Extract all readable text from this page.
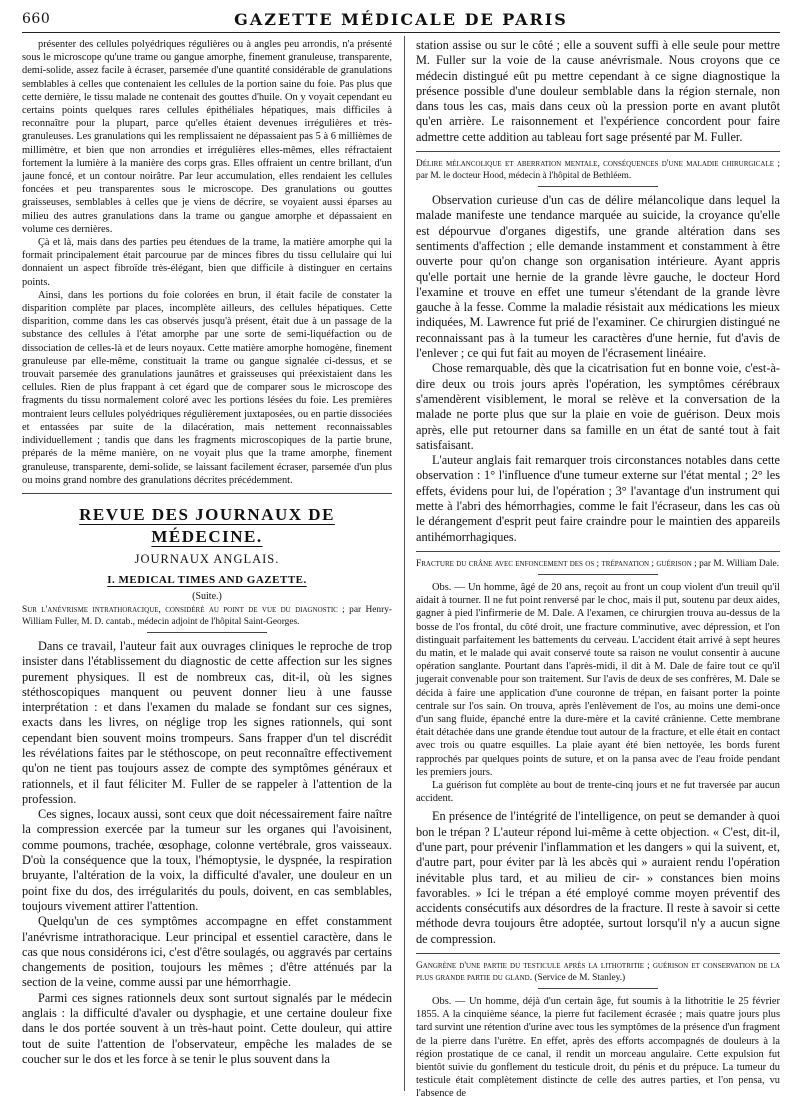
660	GAZETTE MÉDICALE DE PARIS

présenter des cellules polyédriques régulières ou à angles peu arrondis, n'a présenté sous le microscope qu'une trame ou gangue amorphe, finement granuleuse, transparente, demi-solide, assez facile à écraser, parsemée d'une quantité considérable de granulations semblables à celles que contenaient les cellules de la portion saine du foie. Pas plus que cette dernière, le tissu malade ne contenait des gouttes d'huile. On y voyait cependant eu certains points quelques rares cellules épithéliales hépatiques, mais difficiles à reconnaître pour la plupart, parce qu'elles étaient devenues irrégulières et très-granuleuses. Les granulations qui les remplissaient ne dépassaient pas 5 à 6 millièmes de millimètre, et bien que non arrondies et irrégulières elles-mêmes, elles réfractaient fortement la lumière à la manière des corps gras. Elles offraient un centre brillant, d'un jaune foncé, et un contour noirâtre. Par leur accumulation, elles rendaient les cellules foncées et peu transparentes sous le microscope. Des granulations ou gouttes graisseuses, semblables à celles que je viens de décrire, se voyaient aussi éparses au milieu des autres granulations dans la trame ou gangue amorphe et dépassaient en volume ces dernières.

Çà et là, mais dans des parties peu étendues de la trame, la matière amorphe qui la formait principalement était parcourue par de minces fibres du tissu cellulaire qui lui donnaient un aspect fibroïde très-élégant, bien que difficile à distinguer en certains points.

Ainsi, dans les portions du foie colorées en brun, il était facile de constater la disparition complète par places, incomplète ailleurs, des cellules hépatiques. Cette disparition, comme dans les cas observés jusqu'à présent, était due à un passage de la substance des cellules à l'état amorphe par une sorte de semi-liquéfaction ou de dissociation de celles-là et de leurs noyaux. Cette matière amorphe homogène, finement granuleuse par elle-même, constituait la trame ou gangue signalée ci-dessus, et se trouvait parsemée des granulations jaunâtres et graisseuses qui préexistaient dans les cellules. Rien de plus frappant à cet égard que de comparer sous le microscope des fragments du tissu normalement coloré avec les portions lésées du foie. Les premières montraient leurs cellules polyédriques régulièrement juxtaposées, ou en partie dissociées et entassées par suite de la dilacération, mais nettement reconnaissables individuellement ; tandis que dans les fragments microscopiques de la partie brune, préparés de la même manière, on ne voyait plus que la trame amorphe, finement granuleuse, transparente, demi-solide, se laissant facilement écraser, parsemée d'un plus ou moins grand nombre des granulations décrites précédemment.

REVUE DES JOURNAUX DE MÉDECINE.
JOURNAUX ANGLAIS.
I. MEDICAL TIMES AND GAZETTE.
(Suite.)

Sur l'anévrisme intrathoracique, considéré au point de vue du diagnostic ; par Henry-William Fuller, M. D. cantab., médecin adjoint de l'hôpital Saint-Georges.

Dans ce travail, l'auteur fait aux ouvrages cliniques le reproche de trop insister dans l'établissement du diagnostic de cette affection sur les signes purement physiques. Il est de nombreux cas, dit-il, où les signes stéthoscopiques manquent ou peuvent donner lieu à une fausse interprétation : et dans l'examen du malade se fondant sur ces signes, exacts dans les livres, on néglige trop les signes rationnels, qui sont cependant bien souvent moins trompeurs. Sans frapper d'un tel discrédit les révélations faites par le stéthoscope, on peut reconnaître effectivement qu'on ne tient pas toujours assez de compte des symptômes généraux et rationnels, et il faut féliciter M. Fuller de se rappeler à l'attention de la profession.

Ces signes, locaux aussi, sont ceux que doit nécessairement faire naître la compression exercée par la tumeur sur les organes qui l'avoisinent, comme poumons, trachée, œsophage, colonne vertébrale, gros vaisseaux. D'où la conséquence que la toux, l'hémoptysie, le dyspnée, la respiration bruyante, l'altération de la voix, la difficulté d'avaler, une douleur en un point fixe du dos, des irrégularités du pouls, doivent, en cas semblables, toujours vivement attirer l'attention.

Quelqu'un de ces symptômes accompagne en effet constamment l'anévrisme intrathoracique. Leur principal et essentiel caractère, dans le cas que nous considérons ici, c'est d'être soulagés, ou aggravés par certains changements de position, toujours les mêmes ; d'être atténués par la section de la veine, comme aussi par une hémorrhagie.

Parmi ces signes rationnels deux sont surtout signalés par le médecin anglais : la difficulté d'avaler ou dysphagie, et une certaine douleur fixe dans le dos portée souvent à un très-haut point. Cette douleur, qui attire tout de suite l'attention de l'observateur, empêche les malades de se coucher sur le dos et les force à se tenir le plus souvent dans la

station assise ou sur le côté ; elle a souvent suffi à elle seule pour mettre M. Fuller sur la voie de la cause anévrismale. Nous croyons que ce médecin distingué eût pu mettre cependant à ce signe diagnostique la présence possible d'une douleur semblable dans la région sternale, non dans tous les cas, mais dans ceux où la pression porte en avant plutôt qu'en arrière. Le raisonnement et l'expérience concordent pour faire admettre cette addition au tableau fort sage présenté par M. Fuller.

Délire mélancolique et aberration mentale, conséquences d'une maladie chirurgicale ; par M. le docteur Hood, médecin à l'hôpital de Bethléem.

Observation curieuse d'un cas de délire mélancolique dans lequel la malade manifeste une tendance marquée au suicide, la croyance qu'elle est dépourvue d'organes digestifs, une grande altération dans ses sentiments d'affection ; elle demande instamment et constamment à être ouverte pour qu'on change son organisation intérieure. Ayant appris qu'elle portait une hernie de la grande lèvre gauche, le docteur Hord l'examine et trouve en effet une tumeur s'étendant de la grande lèvre gauche à la fesse. Comme la maladie résistait aux médications les mieux indiquées, M. Lawrence fut prié de l'examiner. Ce chirurgien distingué ne reconnaissant pas à la tumeur les caractères d'une hernie, fut d'avis de l'enlever ; ce qui fut fait au moyen de l'écrasement linéaire.

Chose remarquable, dès que la cicatrisation fut en bonne voie, c'est-à-dire deux ou trois jours après l'opération, les symptômes cérébraux s'amendèrent visiblement, le moral se relève et la conversation de la malade ne porte plus que sur la plaie en voie de guérison. Deux mois après, elle put retourner dans sa famille en un état de santé tout à fait satisfaisant.

L'auteur anglais fait remarquer trois circonstances notables dans cette observation : 1° l'influence d'une tumeur externe sur l'état mental ; 2° les effets, évidens pour lui, de l'opération ; 3° l'avantage d'un instrument qui mette à l'abri des hémorrhagies, comme le fait l'écraseur, dans les cas où le dérangement d'esprit peut faire craindre pour le maintien des appareils antihémorrhagiques.

Fracture du crâne avec enfoncement des os ; trépanation ; guérison ; par M. William Dale.

Obs. — Un homme, âgé de 20 ans, reçoit au front un coup violent d'un treuil qu'il aidait à tourner. Il ne fut point renversé par le choc, mais il put, soutenu par deux aides, gagner à pied l'infirmerie de M. Dale. A l'examen, ce chirurgien trouva au-dessus de la bosse de l'os frontal, du côté droit, une fracture comminutive, avec dépression, et l'on distinguait parfaitement les battements du cerveau. L'accident était arrivé à sept heures du matin, et le malade qui avait conservé toute sa raison ne voulut consentir à aucune opération sanglante. Pourtant dans l'après-midi, il dit à M. Dale de faire tout ce qu'il jugerait convenable pour son traitement. Sur l'avis de deux de ses confrères, M. Dale se décida à faire une application d'une couronne de trépan, en faisant porter la pointe centrale sur l'os sain. On trouva, après l'enlèvement de l'os, au moins une demi-once d'un sang fluide, épanché entre la dure-mère et la cavité crânienne. Cette membrane était détachée dans une grande étendue tout autour de la fracture, et elle était en contact avec trois ou quatre esquilles. La plaie ayant été bien nettoyée, les bords furent rapprochés par quelques points de suture, et on la pansa avec de l'eau froide pendant les premiers jours.

La guérison fut complète au bout de trente-cinq jours et ne fut traversée par aucun accident.

En présence de l'intégrité de l'intelligence, on peut se demander à quoi bon le trépan ? L'auteur répond lui-même à cette objection. « C'est, dit-il, d'une part, pour prévenir l'inflammation et les dangers » qui la suivent, et, d'autre part, pour éviter par là les abcès qui » auraient rendu l'opération inévitable plus tard, et au milieu de cir- » constances bien moins favorables. » Ici le trépan a été employé comme moyen préventif des accidents consécutifs aux désordres de la fracture. Il reste à savoir si cette méthode devra toujours être adoptée, surtout lorsqu'il n'y a aucun signe de compression.

Gangrène d'une partie du testicule après la lithotritie ; guérison et conservation de la plus grande partie du gland. (Service de M. Stanley.)

Obs. — Un homme, déjà d'un certain âge, fut soumis à la lithotritie le 25 février 1855. A la cinquième séance, la pierre fut facilement écrasée ; mais quatre jours plus tard survint une rétention d'urine avec tous les symptômes de la présence d'un fragment de la pierre dans l'urètre. En effet, après des efforts accompagnés de douleurs à la région prostatique de ce canal, il rendit un morceau angulaire. Cette expulsion fut bientôt suivie du gonflement du testicule droit, du pénis et du prépuce. La tumeur du testicule était complètement distincte de celle des autres parties, et l'on pensa, vu l'absence de
